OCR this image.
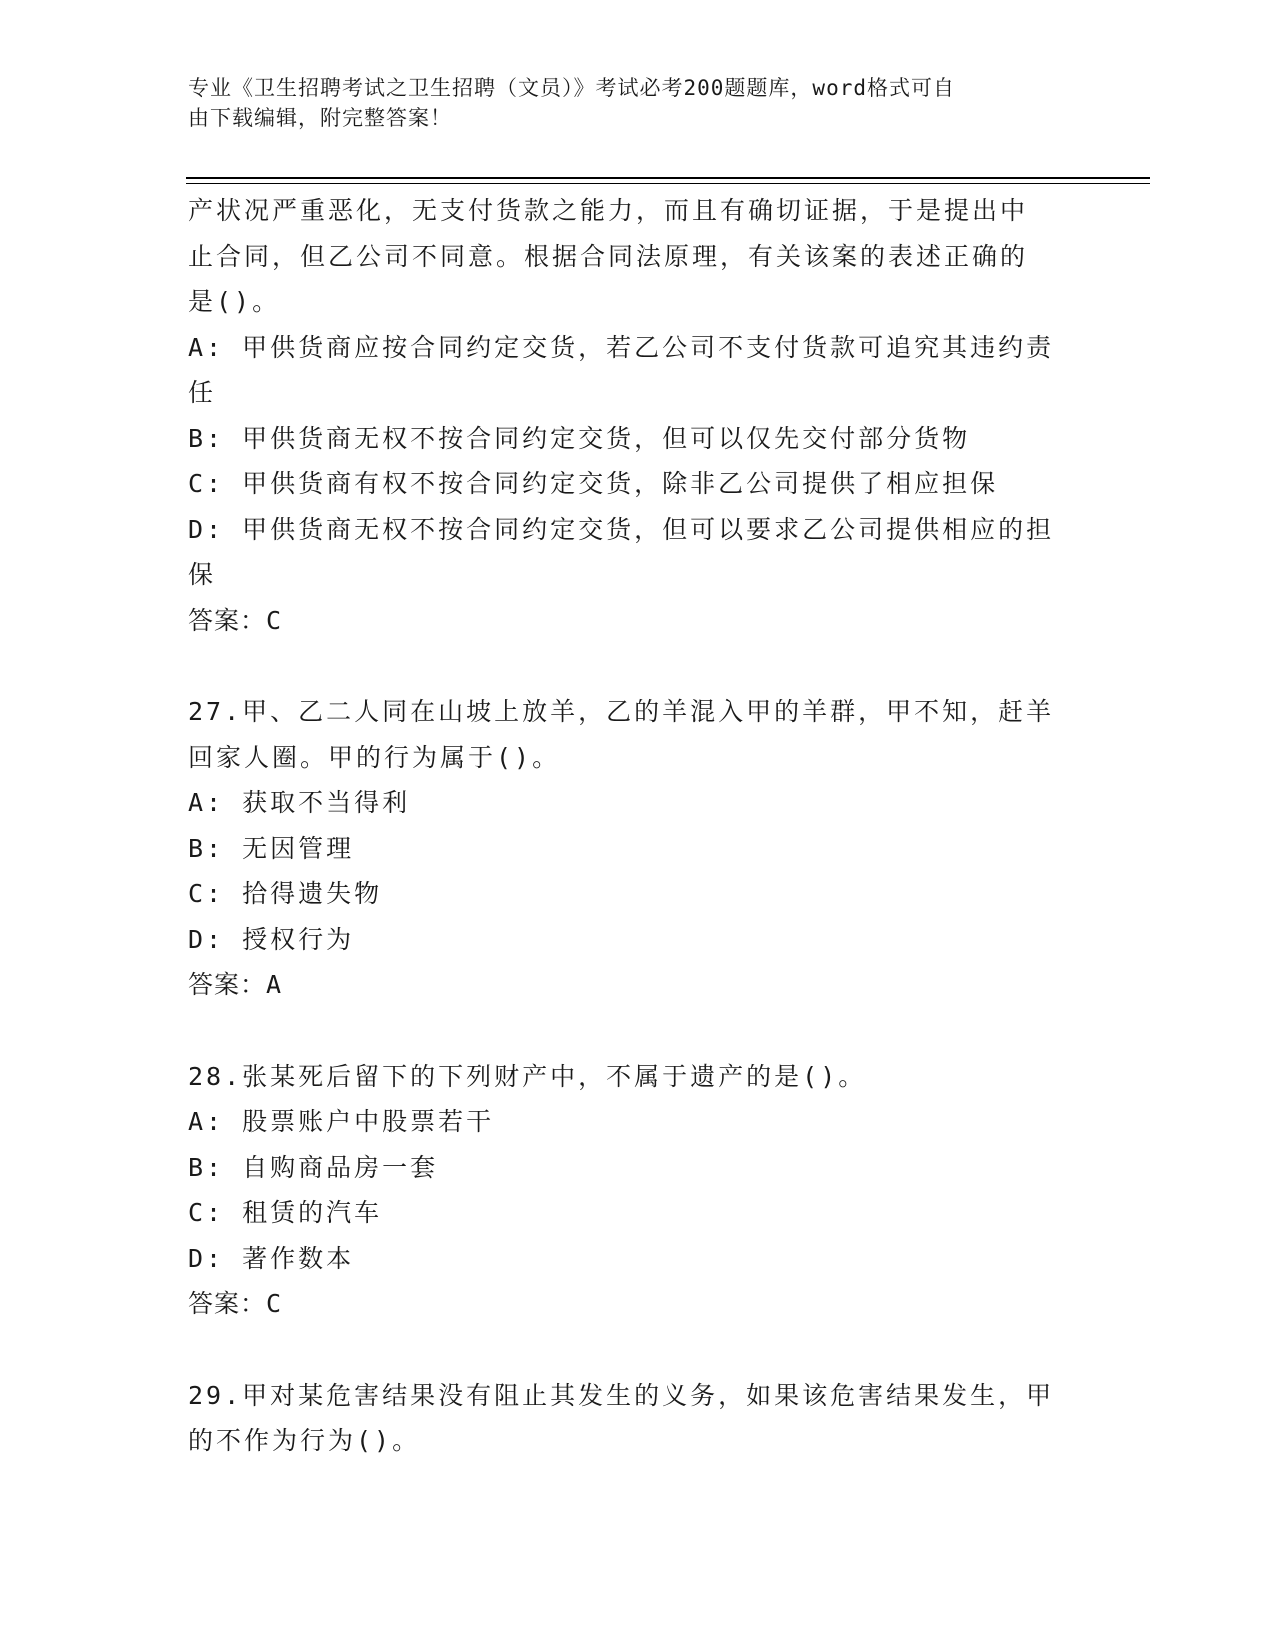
专业《卫生招聘考试之卫生招聘（文员）》考试必考200题题库，word格式可自

由下载编辑，附完整答案！

产状况严重恶化，无支付货款之能力，而且有确切证据，于是提出中

止合同，但乙公司不同意。根据合同法原理，有关该案的表述正确的

是()。

A: 甲供货商应按合同约定交货，若乙公司不支付货款可追究其违约责

任

B: 甲供货商无权不按合同约定交货，但可以仅先交付部分货物

C: 甲供货商有权不按合同约定交货，除非乙公司提供了相应担保

D: 甲供货商无权不按合同约定交货，但可以要求乙公司提供相应的担

保

答案：C

27.甲、乙二人同在山坡上放羊，乙的羊混入甲的羊群，甲不知，赶羊

回家人圈。甲的行为属于()。

A: 获取不当得利

B: 无因管理

C: 拾得遗失物

D: 授权行为

答案：A

28.张某死后留下的下列财产中，不属于遗产的是()。

A: 股票账户中股票若干

B: 自购商品房一套

C: 租赁的汽车

D: 著作数本

答案：C

29.甲对某危害结果没有阻止其发生的义务，如果该危害结果发生，甲

的不作为行为()。
